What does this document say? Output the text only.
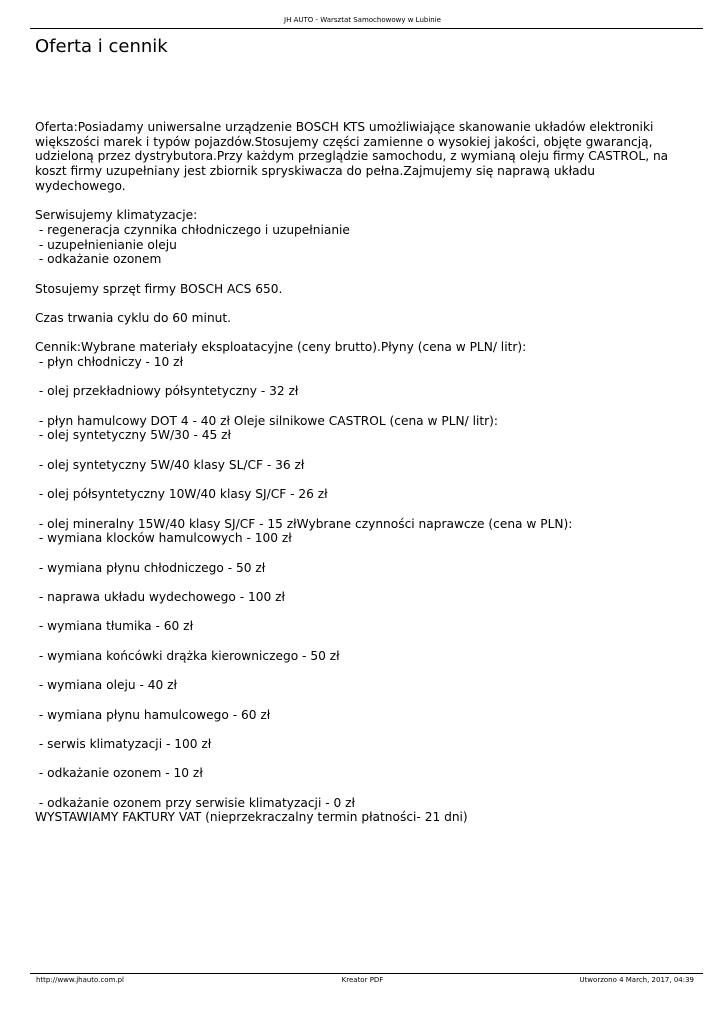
JH AUTO - Warsztat Samochowowy w Lubinie
Oferta i cennik
Oferta:Posiadamy uniwersalne urządzenie BOSCH KTS umożliwiające skanowanie układów elektroniki
większości marek i typów pojazdów.Stosujemy części zamienne o wysokiej jakości, objęte gwarancją,
udzieloną przez dystrybutora.Przy każdym przeglądzie samochodu, z wymianą oleju firmy CASTROL, na
koszt firmy uzupełniany jest zbiornik spryskiwacza do pełna.Zajmujemy się naprawą układu
wydechowego.
Serwisujemy klimatyzacje:
- regeneracja czynnika chłodniczego i uzupełnianie
- uzupełnienianie oleju
- odkażanie ozonem
Stosujemy sprzęt firmy BOSCH ACS 650.
Czas trwania cyklu do 60 minut.
Cennik:Wybrane materiały eksploatacyjne (ceny brutto).Płyny (cena w PLN/ litr):
- płyn chłodniczy - 10 zł
- olej przekładniowy półsyntetyczny - 32 zł
- płyn hamulcowy DOT 4 - 40 zł Oleje silnikowe CASTROL (cena w PLN/ litr):
- olej syntetyczny 5W/30 - 45 zł
- olej syntetyczny 5W/40 klasy SL/CF - 36 zł
- olej półsyntetyczny 10W/40 klasy SJ/CF - 26 zł
- olej mineralny 15W/40 klasy SJ/CF - 15 złWybrane czynności naprawcze (cena w PLN):
- wymiana klocków hamulcowych - 100 zł
- wymiana płynu chłodniczego - 50 zł
- naprawa układu wydechowego - 100 zł
- wymiana tłumika - 60 zł
- wymiana końcówki drążka kierowniczego - 50 zł
- wymiana oleju - 40 zł
- wymiana płynu hamulcowego - 60 zł
- serwis klimatyzacji - 100 zł
- odkażanie ozonem - 10 zł
- odkażanie ozonem przy serwisie klimatyzacji - 0 zł
WYSTAWIAMY FAKTURY VAT (nieprzekraczalny termin płatności- 21 dni)
http://www.jhauto.com.pl	Kreator PDF	Utworzono 4 March, 2017, 04:39
